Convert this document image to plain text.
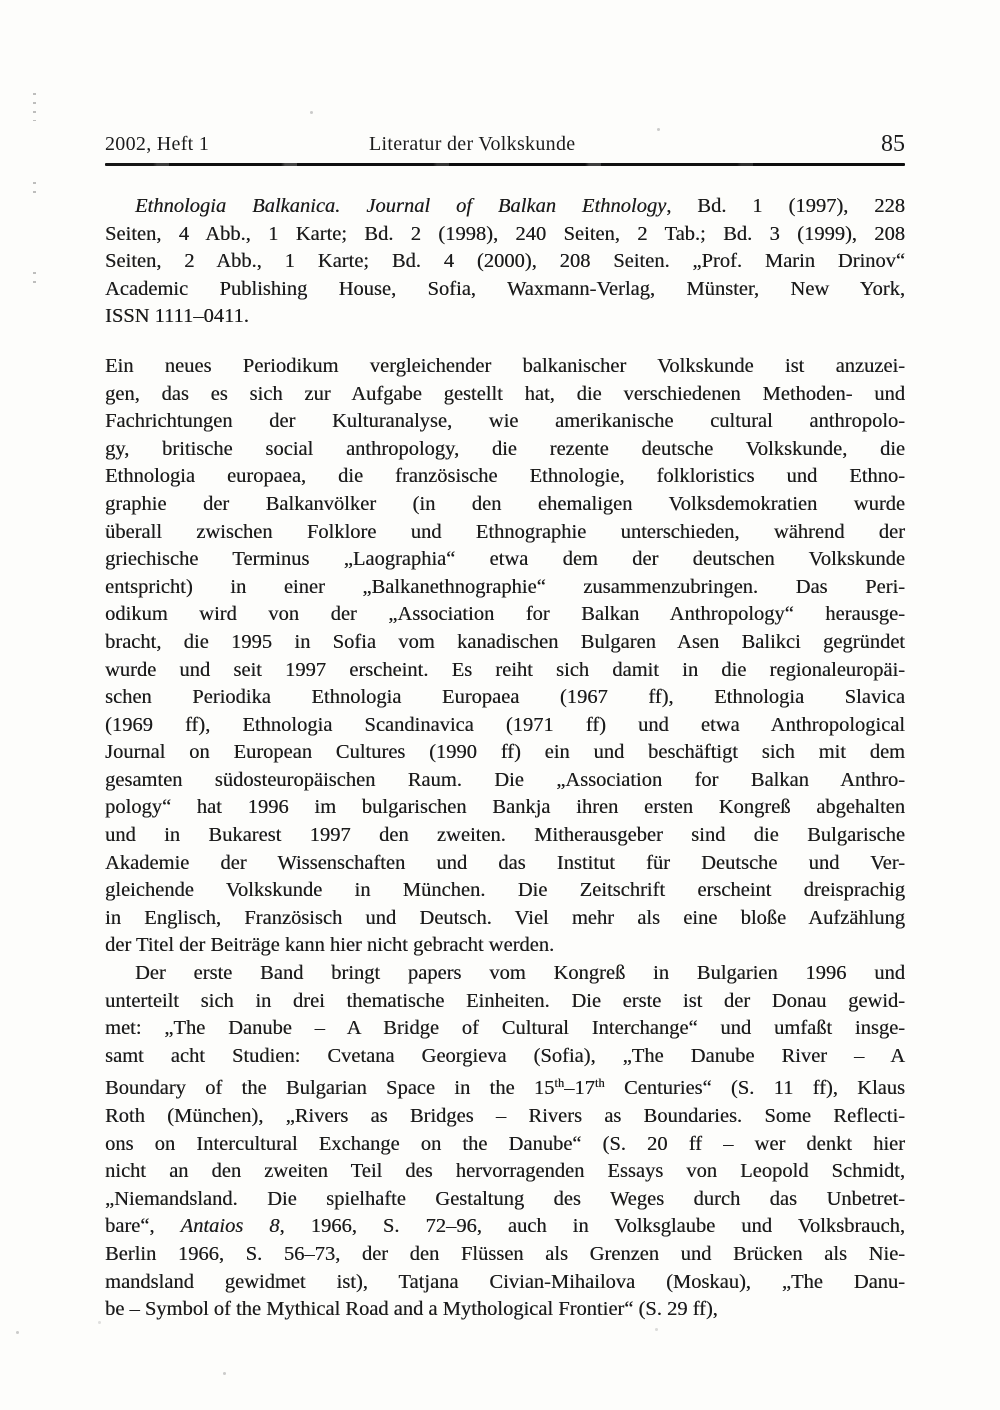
2002, Heft 1	Literatur der Volkskunde	85
Ethnologia Balkanica. Journal of Balkan Ethnology, Bd. 1 (1997), 228
Seiten, 4 Abb., 1 Karte; Bd. 2 (1998), 240 Seiten, 2 Tab.; Bd. 3 (1999), 208
Seiten, 2 Abb., 1 Karte; Bd. 4 (2000), 208 Seiten. „Prof. Marin Drinov“
Academic Publishing House, Sofia, Waxmann-Verlag, Münster, New York,
ISSN 1111–0411.
Ein neues Periodikum vergleichender balkanischer Volkskunde ist anzuzei-
gen, das es sich zur Aufgabe gestellt hat, die verschiedenen Methoden- und
Fachrichtungen der Kulturanalyse, wie amerikanische cultural anthropolo-
gy, britische social anthropology, die rezente deutsche Volkskunde, die
Ethnologia europaea, die französische Ethnologie, folkloristics und Ethno-
graphie der Balkanvölker (in den ehemaligen Volksdemokratien wurde
überall zwischen Folklore und Ethnographie unterschieden, während der
griechische Terminus „Laographia“ etwa dem der deutschen Volkskunde
entspricht) in einer „Balkanethnographie“ zusammenzubringen. Das Peri-
odikum wird von der „Association for Balkan Anthropology“ herausge-
bracht, die 1995 in Sofia vom kanadischen Bulgaren Asen Balikci gegründet
wurde und seit 1997 erscheint. Es reiht sich damit in die regionaleuropäi-
schen Periodika Ethnologia Europaea (1967 ff), Ethnologia Slavica
(1969 ff), Ethnologia Scandinavica (1971 ff) und etwa Anthropological
Journal on European Cultures (1990 ff) ein und beschäftigt sich mit dem
gesamten südosteuropäischen Raum. Die „Association for Balkan Anthro-
pology“ hat 1996 im bulgarischen Bankja ihren ersten Kongreß abgehalten
und in Bukarest 1997 den zweiten. Mitherausgeber sind die Bulgarische
Akademie der Wissenschaften und das Institut für Deutsche und Ver-
gleichende Volkskunde in München. Die Zeitschrift erscheint dreisprachig
in Englisch, Französisch und Deutsch. Viel mehr als eine bloße Aufzählung
der Titel der Beiträge kann hier nicht gebracht werden.
Der erste Band bringt papers vom Kongreß in Bulgarien 1996 und
unterteilt sich in drei thematische Einheiten. Die erste ist der Donau gewid-
met: „The Danube – A Bridge of Cultural Interchange“ und umfaßt insge-
samt acht Studien: Cvetana Georgieva (Sofia), „The Danube River – A
Boundary of the Bulgarian Space in the 15th–17th Centuries“ (S. 11 ff), Klaus
Roth (München), „Rivers as Bridges – Rivers as Boundaries. Some Reflecti-
ons on Intercultural Exchange on the Danube“ (S. 20 ff – wer denkt hier
nicht an den zweiten Teil des hervorragenden Essays von Leopold Schmidt,
„Niemandsland. Die spielhafte Gestaltung des Weges durch das Unbetret-
bare“, Antaios 8, 1966, S. 72–96, auch in Volksglaube und Volksbrauch,
Berlin 1966, S. 56–73, der den Flüssen als Grenzen und Brücken als Nie-
mandsland gewidmet ist), Tatjana Civian-Mihailova (Moskau), „The Danu-
be – Symbol of the Mythical Road and a Mythological Frontier“ (S. 29 ff),
